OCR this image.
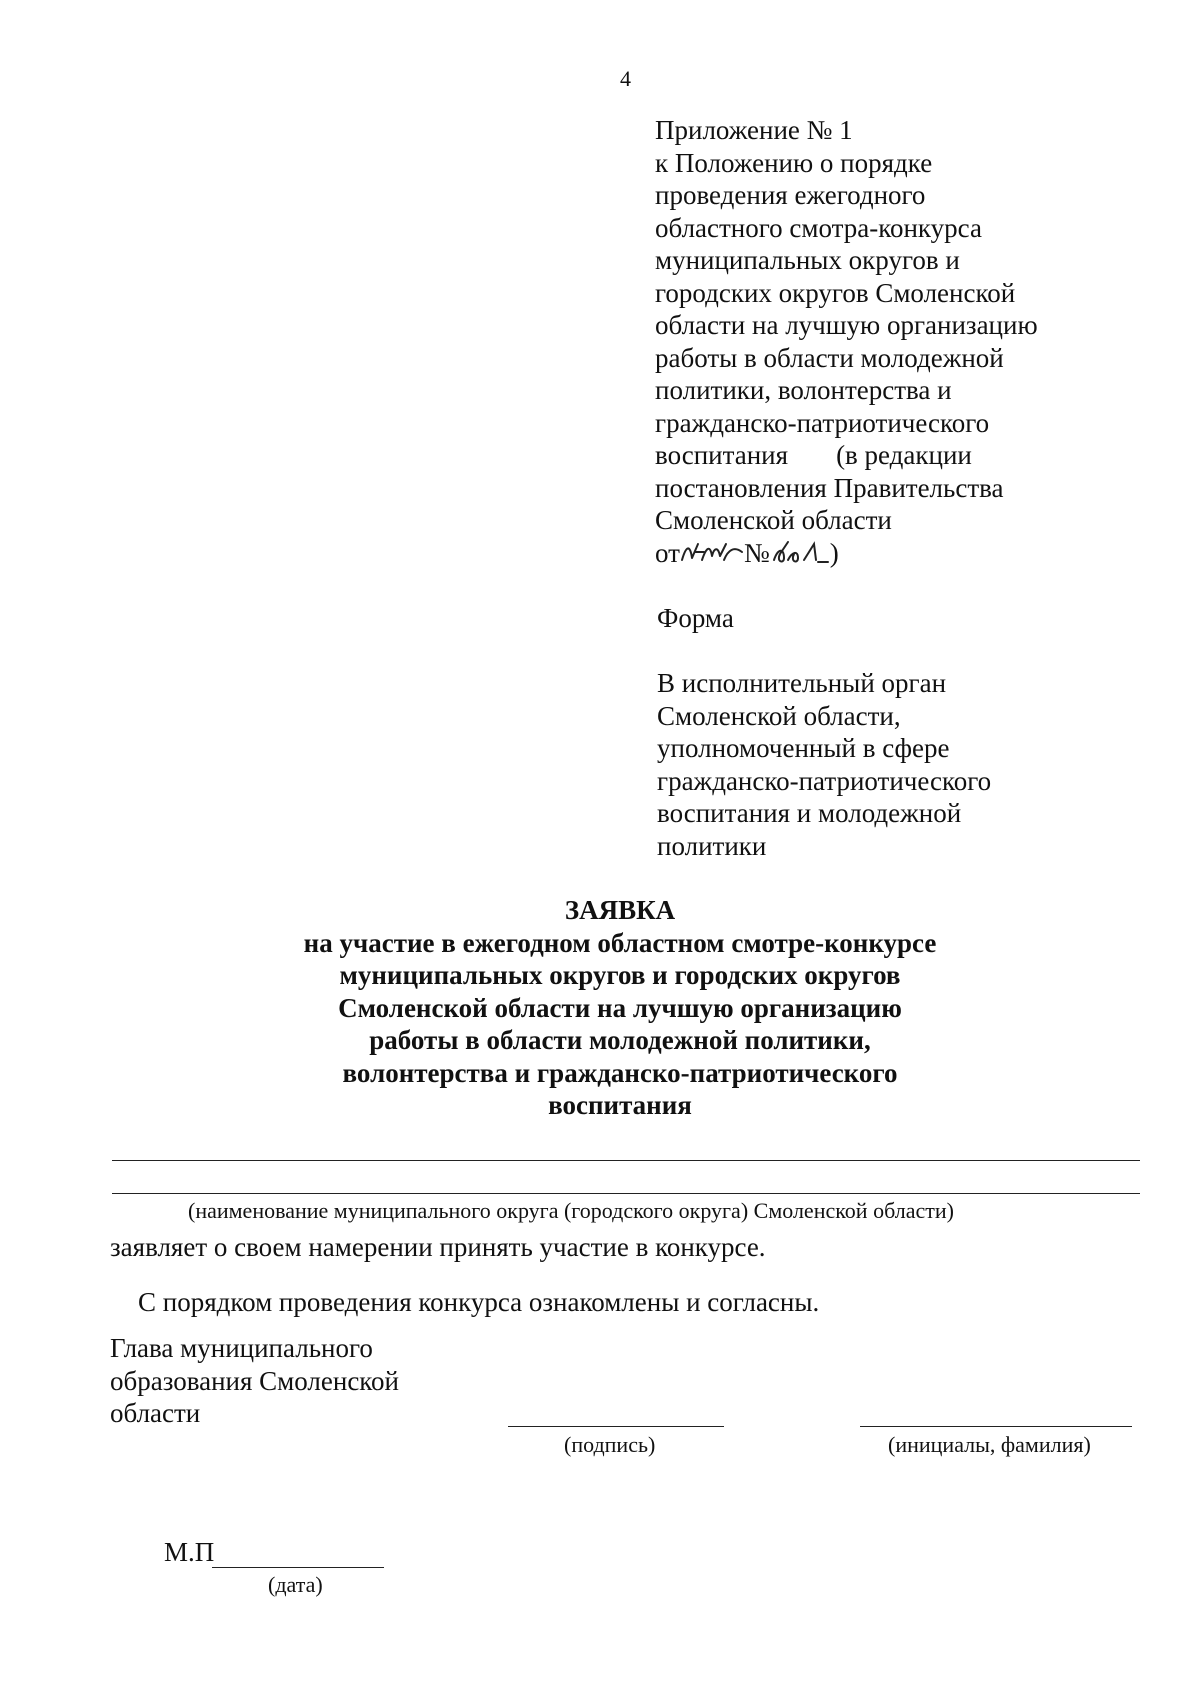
4
Приложение № 1
к Положению о порядке
проведения ежегодного
областного смотра-конкурса
муниципальных округов и
городских округов Смоленской
области на лучшую организацию
работы в области молодежной
политики, волонтерства и
гражданско-патриотического
воспитания (в редакции
постановления Правительства
Смоленской области
от № )
Форма
В исполнительный орган
Смоленской области,
уполномоченный в сфере
гражданско-патриотического
воспитания и молодежной
политики
ЗАЯВКА
на участие в ежегодном областном смотре-конкурсе
муниципальных округов и городских округов
Смоленской области на лучшую организацию
работы в области молодежной политики,
волонтерства и гражданско-патриотического
воспитания
(наименование муниципального округа (городского округа) Смоленской области)
заявляет о своем намерении принять участие в конкурсе.
С порядком проведения конкурса ознакомлены и согласны.
Глава муниципального
образования Смоленской
области
(подпись)	(инициалы, фамилия)
М.П
(дата)
